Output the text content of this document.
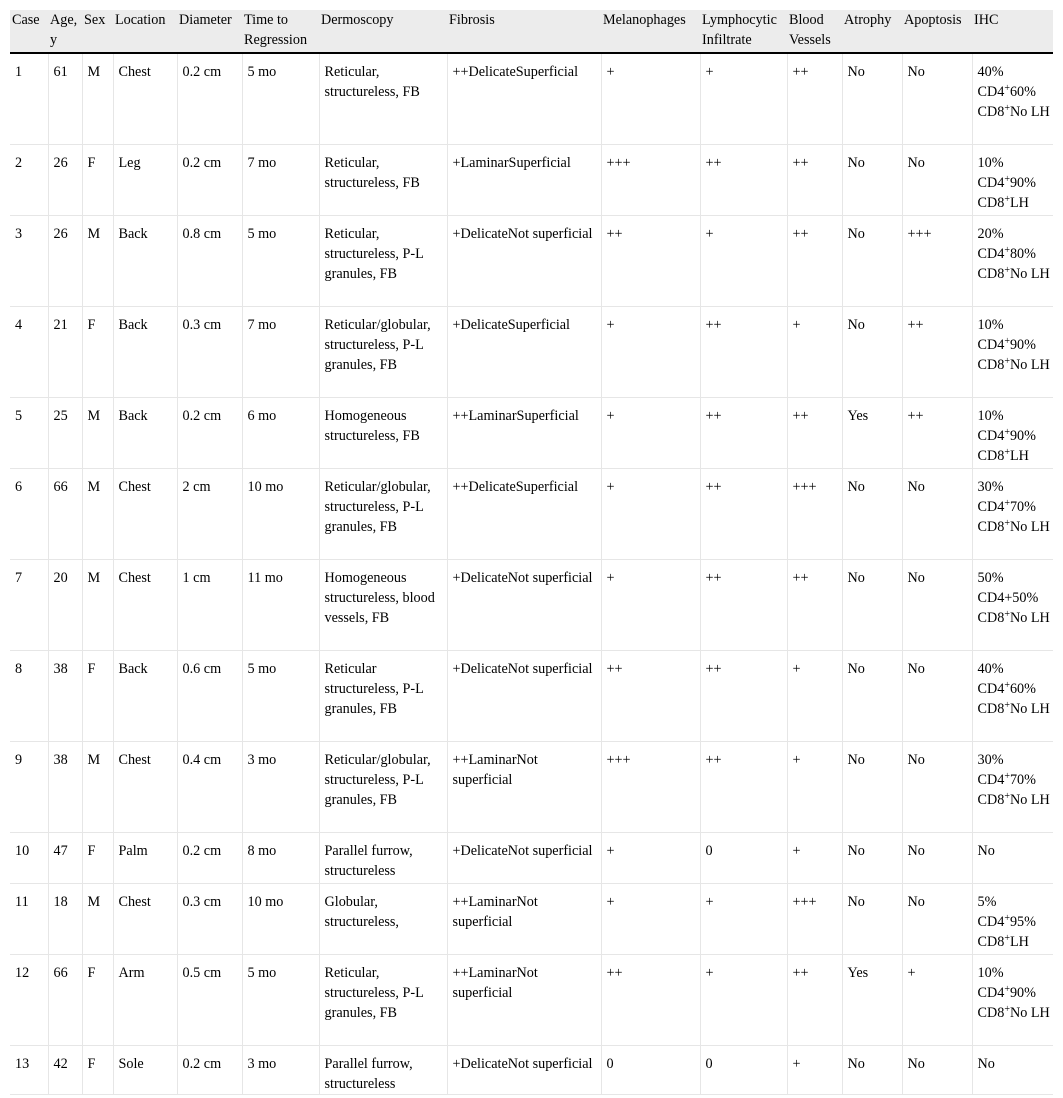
Case	Age, y	Sex	Location	Diameter	Time to Regression	Dermoscopy	Fibrosis	Melanophages	Lymphocytic Infiltrate	Blood Vessels	Atrophy	Apoptosis	IHC
1	61	M	Chest	0.2 cm	5 mo	Reticular, structureless, FB	++DelicateSuperficial	+	+	++	No	No	40% CD4+60% CD8+No LH
2	26	F	Leg	0.2 cm	7 mo	Reticular, structureless, FB	+LaminarSuperficial	+++	++	++	No	No	10% CD4+90% CD8+LH
3	26	M	Back	0.8 cm	5 mo	Reticular, structureless, P-L granules, FB	+DelicateNot superficial	++	+	++	No	+++	20% CD4+80% CD8+No LH
4	21	F	Back	0.3 cm	7 mo	Reticular/globular, structureless, P-L granules, FB	+DelicateSuperficial	+	++	+	No	++	10% CD4+90% CD8+No LH
5	25	M	Back	0.2 cm	6 mo	Homogeneous structureless, FB	++LaminarSuperficial	+	++	++	Yes	++	10% CD4+90% CD8+LH
6	66	M	Chest	2 cm	10 mo	Reticular/globular, structureless, P-L granules, FB	++DelicateSuperficial	+	++	+++	No	No	30% CD4+70% CD8+No LH
7	20	M	Chest	1 cm	11 mo	Homogeneous structureless, blood vessels, FB	+DelicateNot superficial	+	++	++	No	No	50% CD4+50% CD8+No LH
8	38	F	Back	0.6 cm	5 mo	Reticular structureless, P-L granules, FB	+DelicateNot superficial	++	++	+	No	No	40% CD4+60% CD8+No LH
9	38	M	Chest	0.4 cm	3 mo	Reticular/globular, structureless, P-L granules, FB	++LaminarNot superficial	+++	++	+	No	No	30% CD4+70% CD8+No LH
10	47	F	Palm	0.2 cm	8 mo	Parallel furrow, structureless	+DelicateNot superficial	+	0	+	No	No	No
11	18	M	Chest	0.3 cm	10 mo	Globular, structureless,	++LaminarNot superficial	+	+	+++	No	No	5% CD4+95% CD8+LH
12	66	F	Arm	0.5 cm	5 mo	Reticular, structureless, P-L granules, FB	++LaminarNot superficial	++	+	++	Yes	+	10% CD4+90% CD8+No LH
13	42	F	Sole	0.2 cm	3 mo	Parallel furrow, structureless	+DelicateNot superficial	0	0	+	No	No	No
